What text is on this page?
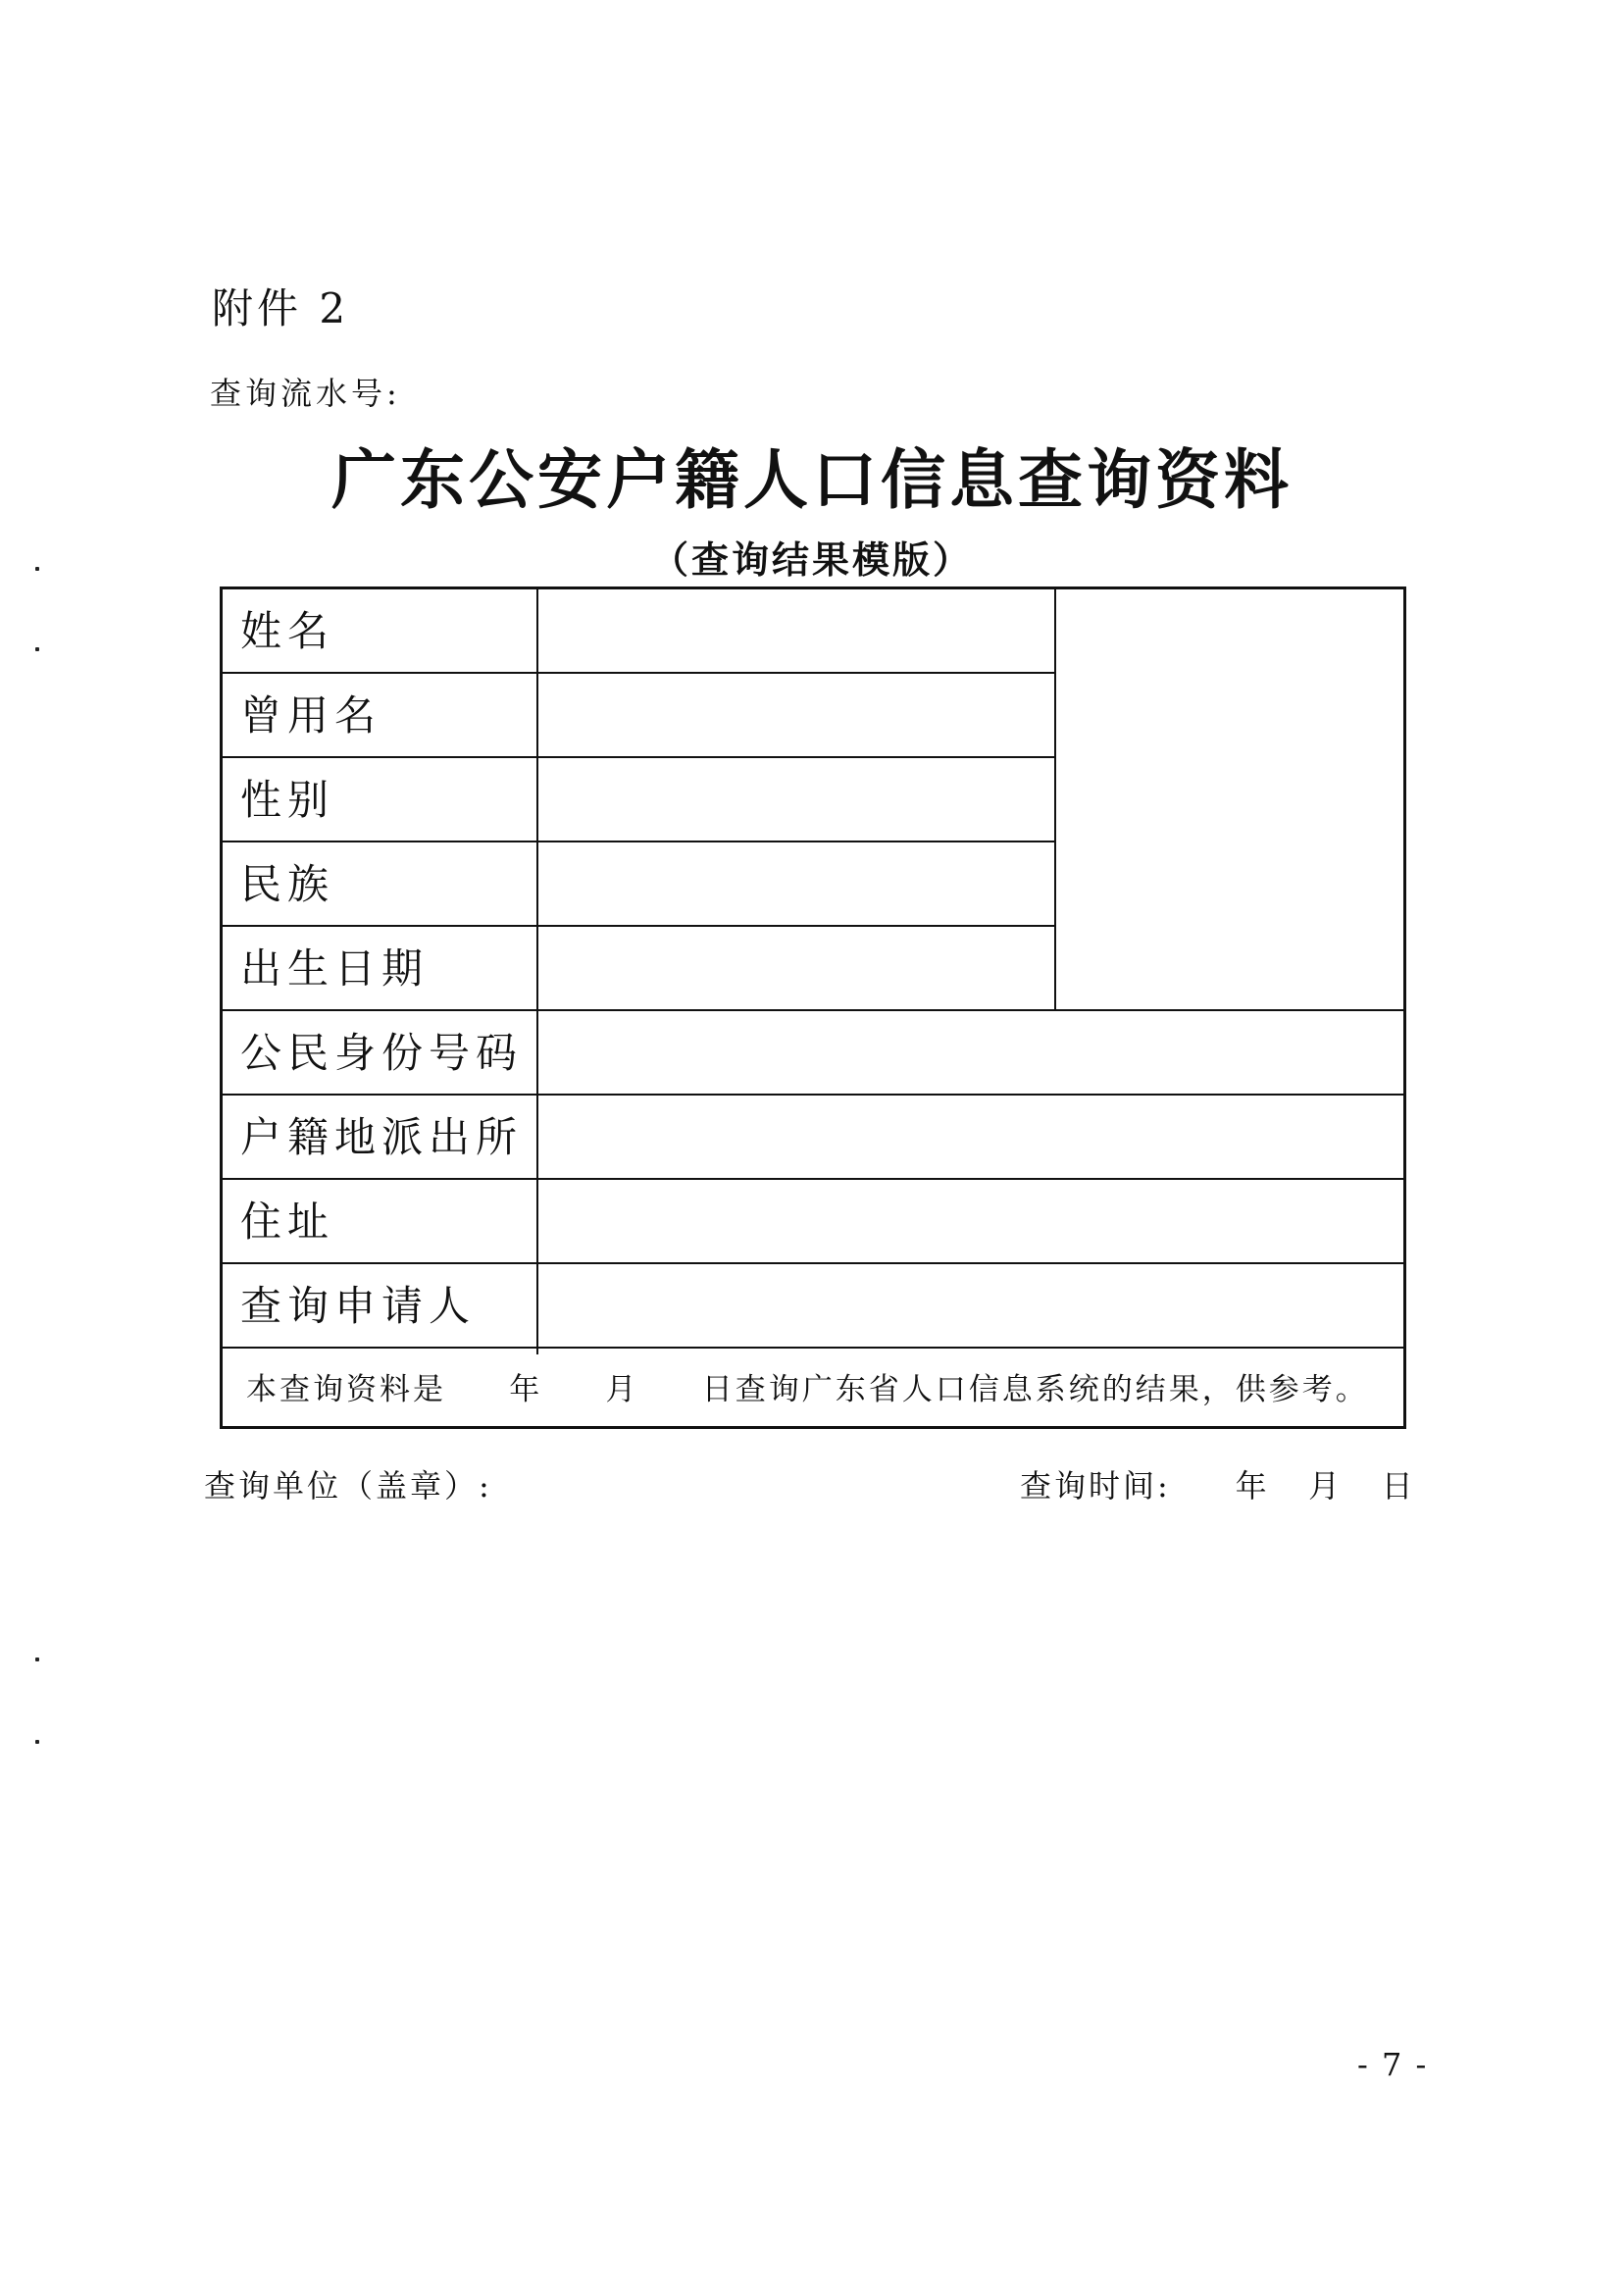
附件 2
查询流水号:
广东公安户籍人口信息查询资料
（查询结果模版）
姓名
曾用名
性别
民族
出生日期
公民身份号码
户籍地派出所
住址
查询申请人
本查询资料是     年     月     日查询广东省人口信息系统的结果，供参考。
查询单位（盖章）:	查询时间:     年   月   日
- 7 -
